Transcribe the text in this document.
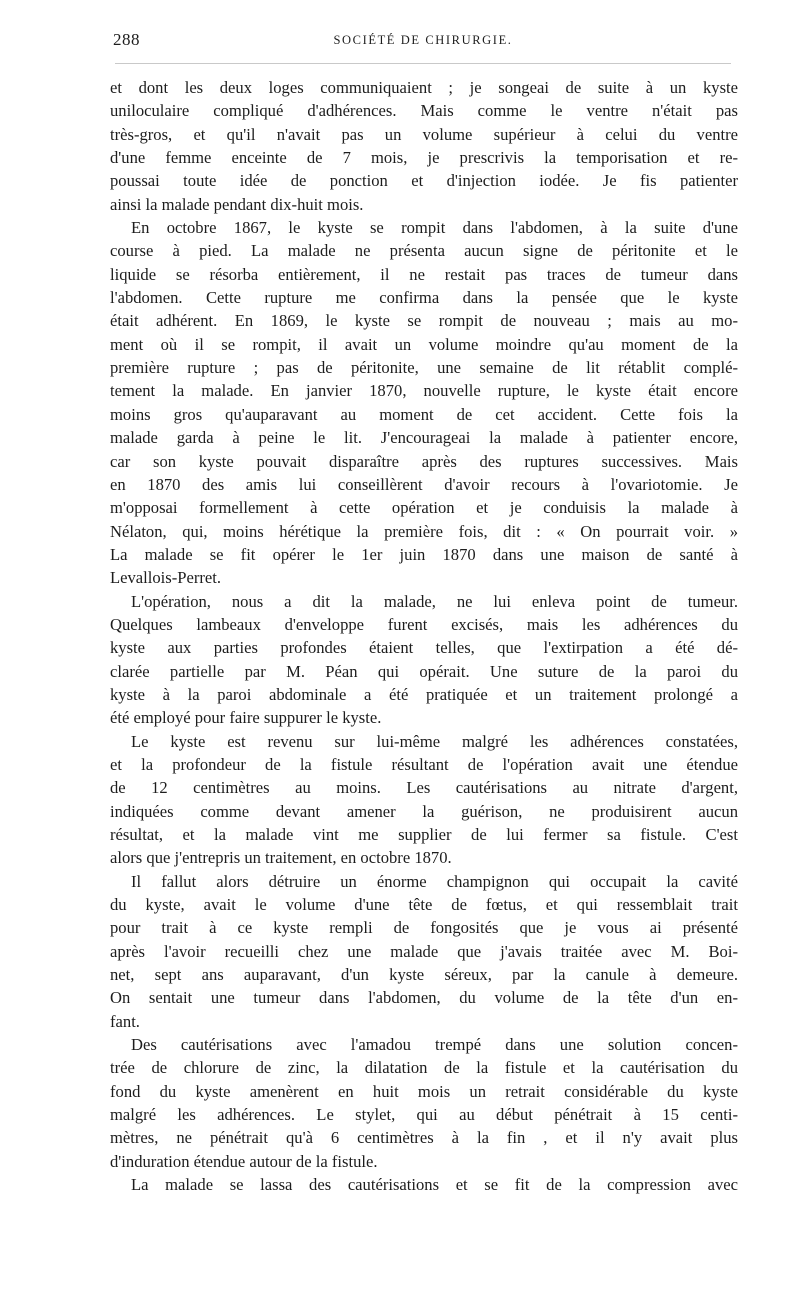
288	SOCIÉTÉ DE CHIRURGIE.
et dont les deux loges communiquaient ; je songeai de suite à un kyste
uniloculaire compliqué d'adhérences. Mais comme le ventre n'était pas
très-gros, et qu'il n'avait pas un volume supérieur à celui du ventre
d'une femme enceinte de 7 mois, je prescrivis la temporisation et re-
poussai toute idée de ponction et d'injection iodée. Je fis patienter
ainsi la malade pendant dix-huit mois.
En octobre 1867, le kyste se rompit dans l'abdomen, à la suite d'une
course à pied. La malade ne présenta aucun signe de péritonite et le
liquide se résorba entièrement, il ne restait pas traces de tumeur dans
l'abdomen. Cette rupture me confirma dans la pensée que le kyste
était adhérent. En 1869, le kyste se rompit de nouveau ; mais au mo-
ment où il se rompit, il avait un volume moindre qu'au moment de la
première rupture ; pas de péritonite, une semaine de lit rétablit complé-
tement la malade. En janvier 1870, nouvelle rupture, le kyste était encore
moins gros qu'auparavant au moment de cet accident. Cette fois la
malade garda à peine le lit. J'encourageai la malade à patienter encore,
car son kyste pouvait disparaître après des ruptures successives. Mais
en 1870 des amis lui conseillèrent d'avoir recours à l'ovariotomie. Je
m'opposai formellement à cette opération et je conduisis la malade à
Nélaton, qui, moins hérétique la première fois, dit : « On pourrait voir. »
La malade se fit opérer le 1er juin 1870 dans une maison de santé à
Levallois-Perret.
L'opération, nous a dit la malade, ne lui enleva point de tumeur.
Quelques lambeaux d'enveloppe furent excisés, mais les adhérences du
kyste aux parties profondes étaient telles, que l'extirpation a été dé-
clarée partielle par M. Péan qui opérait. Une suture de la paroi du
kyste à la paroi abdominale a été pratiquée et un traitement prolongé a
été employé pour faire suppurer le kyste.
Le kyste est revenu sur lui-même malgré les adhérences constatées,
et la profondeur de la fistule résultant de l'opération avait une étendue
de 12 centimètres au moins. Les cautérisations au nitrate d'argent,
indiquées comme devant amener la guérison, ne produisirent aucun
résultat, et la malade vint me supplier de lui fermer sa fistule. C'est
alors que j'entrepris un traitement, en octobre 1870.
Il fallut alors détruire un énorme champignon qui occupait la cavité
du kyste, avait le volume d'une tête de fœtus, et qui ressemblait trait
pour trait à ce kyste rempli de fongosités que je vous ai présenté
après l'avoir recueilli chez une malade que j'avais traitée avec M. Boi-
net, sept ans auparavant, d'un kyste séreux, par la canule à demeure.
On sentait une tumeur dans l'abdomen, du volume de la tête d'un en-
fant.
Des cautérisations avec l'amadou trempé dans une solution concen-
trée de chlorure de zinc, la dilatation de la fistule et la cautérisation du
fond du kyste amenèrent en huit mois un retrait considérable du kyste
malgré les adhérences. Le stylet, qui au début pénétrait à 15 centi-
mètres, ne pénétrait qu'à 6 centimètres à la fin , et il n'y avait plus
d'induration étendue autour de la fistule.
La malade se lassa des cautérisations et se fit de la compression avec
